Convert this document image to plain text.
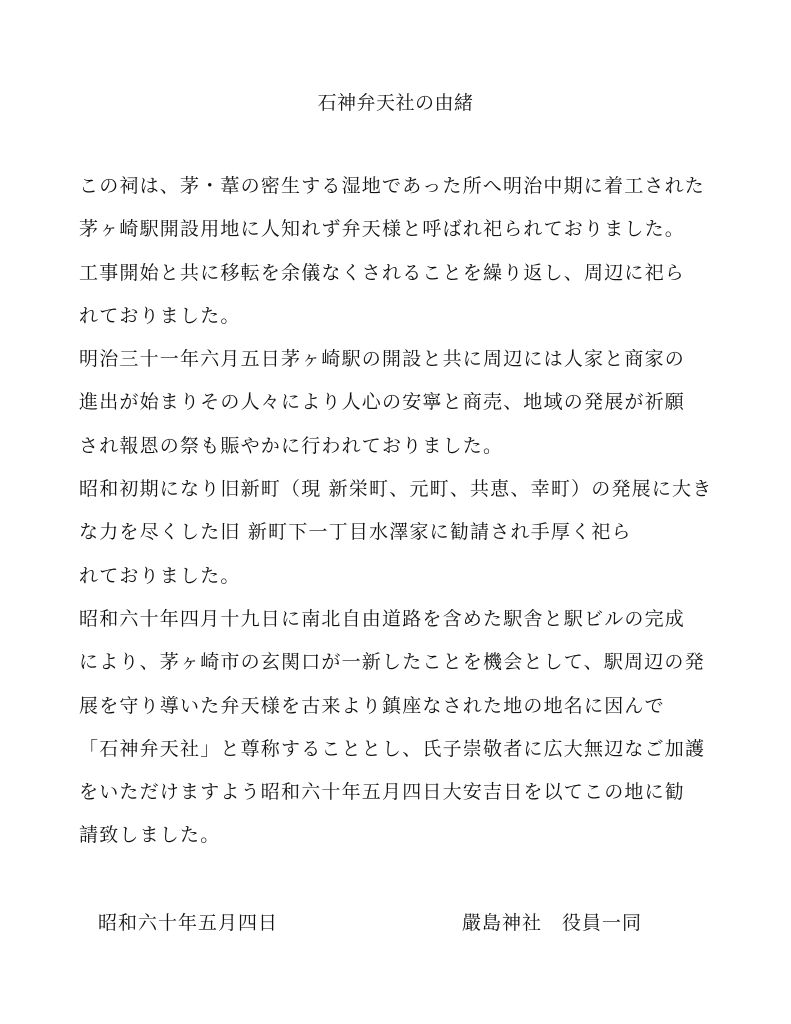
石神弁天社の由緒
この祠は、茅・葦の密生する湿地であった所へ明治中期に着工された
茅ヶ崎駅開設用地に人知れず弁天様と呼ばれ祀られておりました。
工事開始と共に移転を余儀なくされることを繰り返し、周辺に祀ら
れておりました。
明治三十一年六月五日茅ヶ崎駅の開設と共に周辺には人家と商家の
進出が始まりその人々により人心の安寧と商売、地域の発展が祈願
され報恩の祭も賑やかに行われておりました。
昭和初期になり旧新町（現 新栄町、元町、共恵、幸町）の発展に大き
な力を尽くした旧 新町下一丁目水澤家に勧請され手厚く祀ら
れておりました。
昭和六十年四月十九日に南北自由道路を含めた駅舎と駅ビルの完成
により、茅ヶ崎市の玄関口が一新したことを機会として、駅周辺の発
展を守り導いた弁天様を古来より鎮座なされた地の地名に因んで
「石神弁天社」と尊称することとし、氏子崇敬者に広大無辺なご加護
をいただけますよう昭和六十年五月四日大安吉日を以てこの地に勧
請致しました。
昭和六十年五月四日	嚴島神社　役員一同
